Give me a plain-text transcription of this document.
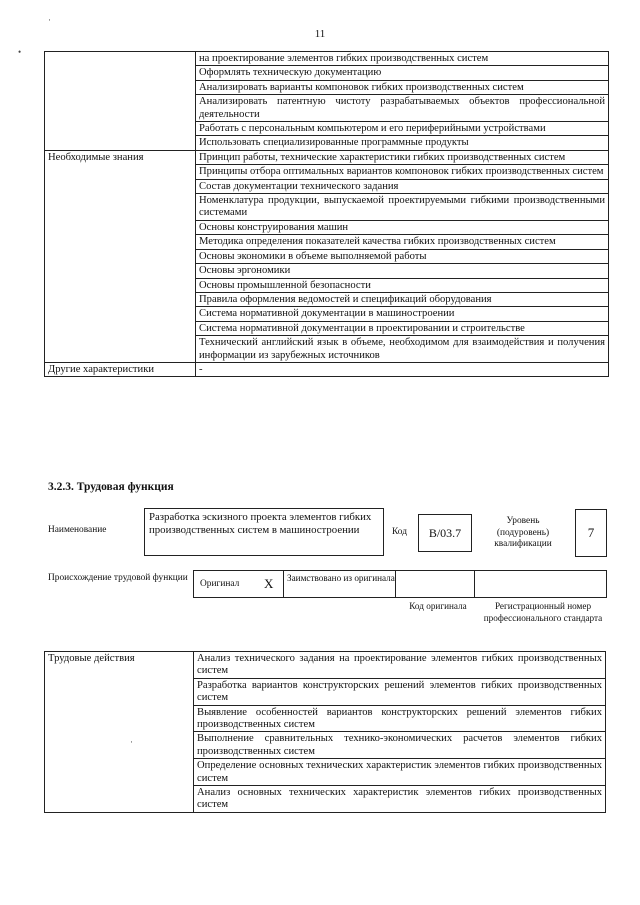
11
•
·
	на проектирование элементов гибких производственных систем
	Оформлять техническую документацию
	Анализировать варианты компоновок гибких производственных систем
	Анализировать патентную чистоту разрабатываемых объектов профессиональной деятельности
	Работать с персональным компьютером и его периферийными устройствами
	Использовать специализированные программные продукты
Необходимые знания	Принцип работы, технические характеристики гибких производственных систем
	Принципы отбора оптимальных вариантов компоновок гибких производственных систем
	Состав документации технического задания
	Номенклатура продукции, выпускаемой проектируемыми гибкими производственными системами
	Основы конструирования машин
	Методика определения показателей качества гибких производственных систем
	Основы экономики в объеме выполняемой работы
	Основы эргономики
	Основы промышленной безопасности
	Правила оформления ведомостей и спецификаций оборудования
	Система нормативной документации в машиностроении
	Система нормативной документации в проектировании и строительстве
	Технический английский язык в объеме, необходимом для взаимодействия и получения информации из зарубежных источников
Другие характеристики	-
3.2.3. Трудовая функция
Наименование
Разработка эскизного проекта элементов гибких производственных систем в машиностроении	Код	B/03.7
Уровень (подуровень) квалификации
7
Происхождение трудовой функции
Оригинал X Заимствовано из оригинала
Код оригинала	Регистрационный номер профессионального стандарта
Трудовые действия	Анализ технического задания на проектирование элементов гибких производственных систем
Разработка вариантов конструкторских решений элементов гибких производственных систем
Выявление особенностей вариантов конструкторских решений элементов гибких производственных систем
Выполнение сравнительных технико-экономических расчетов элементов гибких производственных систем
Определение основных технических характеристик элементов гибких производственных систем
Анализ основных технических характеристик элементов гибких производственных систем
·
